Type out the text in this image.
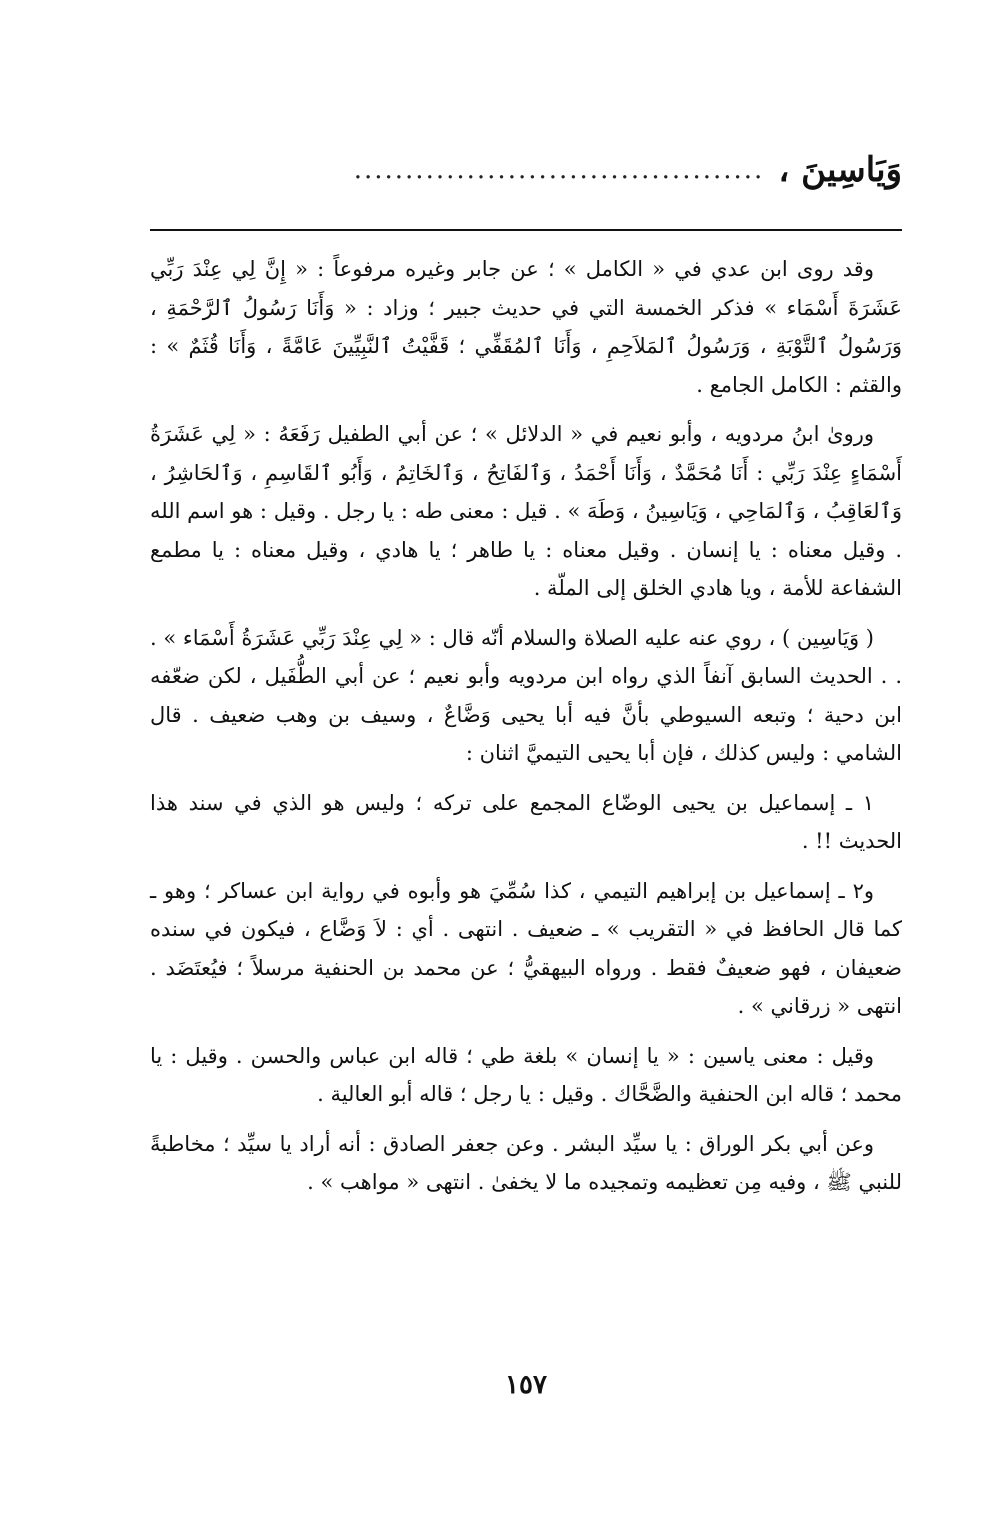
وَيَاسِينَ ،
........................................

وقد روى ابن عدي في « الكامل » ؛ عن جابر وغيره مرفوعاً : « إِنَّ لِي عِنْدَ رَبِّي عَشَرَةَ أَسْمَاء » فذكر الخمسة التي في حديث جبير ؛ وزاد : « وَأَنَا رَسُولُ ٱلرَّحْمَةِ ، وَرَسُولُ ٱلتَّوْبَةِ ، وَرَسُولُ ٱلمَلاَحِمِ ، وَأَنَا ٱلمُقَفِّي ؛ قَفَّيْتُ ٱلنَّبِيِّينَ عَامَّةً ، وَأَنَا قُثَمٌ » : والقثم : الكامل الجامع .

وروىٰ ابنُ مردويه ، وأبو نعيم في « الدلائل » ؛ عن أبي الطفيل رَفَعَهُ : « لِي عَشَرَةُ أَسْمَاءٍ عِنْدَ رَبِّي : أَنَا مُحَمَّدٌ ، وَأَنَا أَحْمَدُ ، وَٱلفَاتِحُ ، وَٱلخَاتِمُ ، وَأَبُو ٱلقَاسِمِ ، وَٱلحَاشِرُ ، وَٱلعَاقِبُ ، وَٱلمَاحِي ، وَيَاسِينُ ، وَطَهَ » . قيل : معنى طه : يا رجل . وقيل : هو اسم الله . وقيل معناه : يا إنسان . وقيل معناه : يا طاهر ؛ يا هادي ، وقيل معناه : يا مطمع الشفاعة للأمة ، ويا هادي الخلق إلى الملّة .

( وَيَاسِين ) ، روي عنه عليه الصلاة والسلام أنّه قال : « لِي عِنْدَ رَبِّي عَشَرَةُ أَسْمَاء » . . . الحديث السابق آنفاً الذي رواه ابن مردويه وأبو نعيم ؛ عن أبي الطُّفَيل ، لكن ضعّفه ابن دحية ؛ وتبعه السيوطي بأنَّ فيه أبا يحيى وَضَّاعٌ ، وسيف بن وهب ضعيف . قال الشامي : وليس كذلك ، فإن أبا يحيى التيميَّ اثنان :

١ ـ إسماعيل بن يحيى الوضّاع المجمع على تركه ؛ وليس هو الذي في سند هذا الحديث !! .

و٢ ـ إسماعيل بن إبراهيم التيمي ، كذا سُمِّيَ هو وأبوه في رواية ابن عساكر ؛ وهو ـ كما قال الحافظ في « التقريب » ـ ضعيف . انتهى . أي : لاَ وَضَّاع ، فيكون في سنده ضعيفان ، فهو ضعيفٌ فقط . ورواه البيهقيُّ ؛ عن محمد بن الحنفية مرسلاً ؛ فيُعتَضَد . انتهى « زرقاني » .

وقيل : معنى ياسين : « يا إنسان » بلغة طي ؛ قاله ابن عباس والحسن . وقيل : يا محمد ؛ قاله ابن الحنفية والضَّحَّاك . وقيل : يا رجل ؛ قاله أبو العالية .

وعن أبي بكر الوراق : يا سيِّد البشر . وعن جعفر الصادق : أنه أراد يا سيِّد ؛ مخاطبةً للنبي ﷺ ، وفيه مِن تعظيمه وتمجيده ما لا يخفىٰ . انتهى « مواهب » .

١٥٧
